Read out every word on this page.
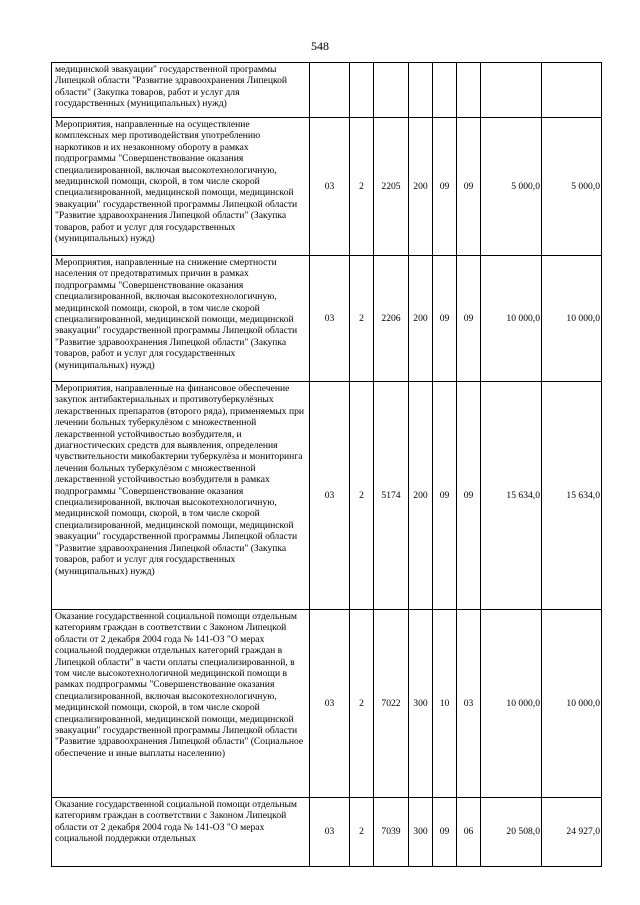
548
медицинской эвакуации" государственной программы Липецкой области "Развитие здравоохранения Липецкой области" (Закупка товаров, работ и услуг для государственных (муниципальных) нужд)								
Мероприятия, направленные на осуществление комплексных мер противодействия употреблению наркотиков и их незаконному обороту в рамках подпрограммы "Совершенствование оказания специализированной, включая высокотехнологичную, медицинской помощи, скорой, в том числе скорой специализированной, медицинской помощи, медицинской эвакуации" государственной программы Липецкой области "Развитие здравоохранения Липецкой области" (Закупка товаров, работ и услуг для государственных (муниципальных) нужд)	03	2	2205	200	09	09	5 000,0	5 000,0
Мероприятия, направленные на снижение смертности населения от предотвратимых причин в рамках подпрограммы "Совершенствование оказания специализированной, включая высокотехнологичную, медицинской помощи, скорой, в том числе скорой специализированной, медицинской помощи, медицинской эвакуации" государственной программы Липецкой области "Развитие здравоохранения Липецкой области" (Закупка товаров, работ и услуг для государственных (муниципальных) нужд)	03	2	2206	200	09	09	10 000,0	10 000,0
Мероприятия, направленные на финансовое обеспечение закупок антибактериальных и противотуберкулёзных лекарственных препаратов (второго ряда), применяемых при лечении больных туберкулёзом с множественной лекарственной устойчивостью возбудителя, и диагностических средств для выявления, определения чувствительности микобактерии туберкулёза и мониторинга лечения больных туберкулёзом с множественной лекарственной устойчивостью возбудителя в рамках подпрограммы "Совершенствование оказания специализированной, включая высокотехнологичную, медицинской помощи, скорой, в том числе скорой специализированной, медицинской помощи, медицинской эвакуации" государственной программы Липецкой области "Развитие здравоохранения Липецкой области" (Закупка товаров, работ и услуг для государственных (муниципальных) нужд)	03	2	5174	200	09	09	15 634,0	15 634,0
Оказание государственной социальной помощи отдельным категориям граждан в соответствии с Законом Липецкой области от 2 декабря 2004 года № 141-ОЗ "О мерах социальной поддержки отдельных категорий граждан в Липецкой области" в части оплаты специализированной, в том числе высокотехнологичной медицинской помощи в рамках подпрограммы "Совершенствование оказания специализированной, включая высокотехнологичную, медицинской помощи, скорой, в том числе скорой специализированной, медицинской помощи, медицинской эвакуации" государственной программы Липецкой области "Развитие здравоохранения Липецкой области" (Социальное обеспечение и иные выплаты населению)	03	2	7022	300	10	03	10 000,0	10 000,0
Оказание государственной социальной помощи отдельным категориям граждан в соответствии с Законом Липецкой области от 2 декабря 2004 года № 141-ОЗ "О мерах социальной поддержки отдельных	03	2	7039	300	09	06	20 508,0	24 927,0
